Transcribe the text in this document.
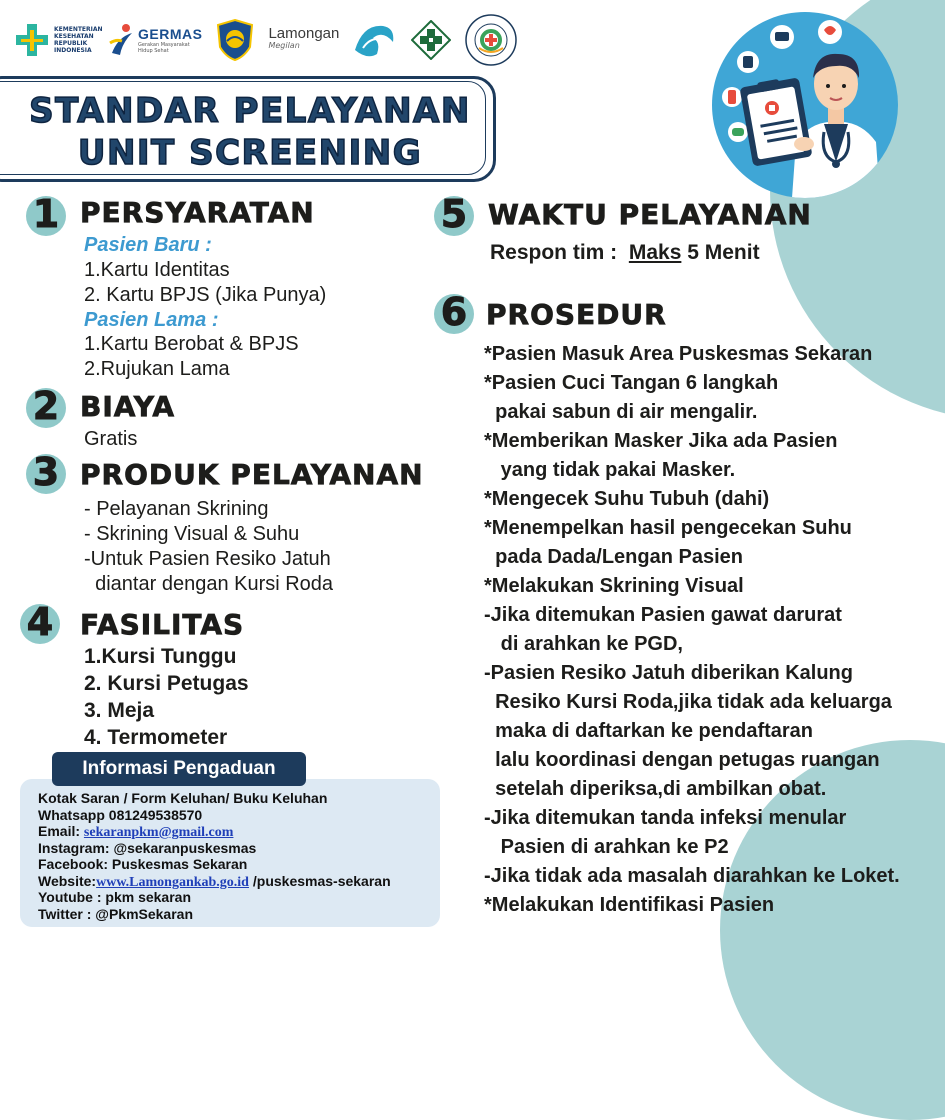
KEMENTERIAN KESEHATAN REPUBLIK INDONESIA
GERMAS
Gerakan Masyarakat Hidup Sehat
Lamongan
Megilan
STANDAR PELAYANAN
UNIT SCREENING
1 PERSYARATAN
Pasien Baru :
1.Kartu Identitas
2. Kartu BPJS (Jika Punya)
Pasien Lama :
1.Kartu Berobat & BPJS
2.Rujukan Lama
2 BIAYA
Gratis
3 PRODUK PELAYANAN
- Pelayanan Skrining
- Skrining Visual & Suhu
-Untuk Pasien Resiko Jatuh
diantar dengan Kursi Roda
4 FASILITAS
1.Kursi Tunggu
2. Kursi Petugas
3. Meja
4. Termometer
5 WAKTU PELAYANAN
Respon tim : Maks 5 Menit
6 PROSEDUR
*Pasien Masuk Area Puskesmas Sekaran
*Pasien Cuci Tangan 6 langkah
pakai sabun di air mengalir.
*Memberikan Masker Jika ada Pasien
yang tidak pakai Masker.
*Mengecek Suhu Tubuh (dahi)
*Menempelkan hasil pengecekan Suhu
pada Dada/Lengan Pasien
*Melakukan Skrining Visual
-Jika ditemukan Pasien gawat darurat
di arahkan ke PGD,
-Pasien Resiko Jatuh diberikan Kalung
Resiko Kursi Roda,jika tidak ada keluarga
maka di daftarkan ke pendaftaran
lalu koordinasi dengan petugas ruangan
setelah diperiksa,di ambilkan obat.
-Jika ditemukan tanda infeksi menular
Pasien di arahkan ke P2
-Jika tidak ada masalah diarahkan ke Loket.
*Melakukan Identifikasi Pasien
Informasi Pengaduan
Kotak Saran / Form Keluhan/ Buku Keluhan
Whatsapp 081249538570
Email: sekaranpkm@gmail.com
Instagram: @sekaranpuskesmas
Facebook: Puskesmas Sekaran
Website:www.Lamongankab.go.id /puskesmas-sekaran
Youtube : pkm sekaran
Twitter : @PkmSekaran
